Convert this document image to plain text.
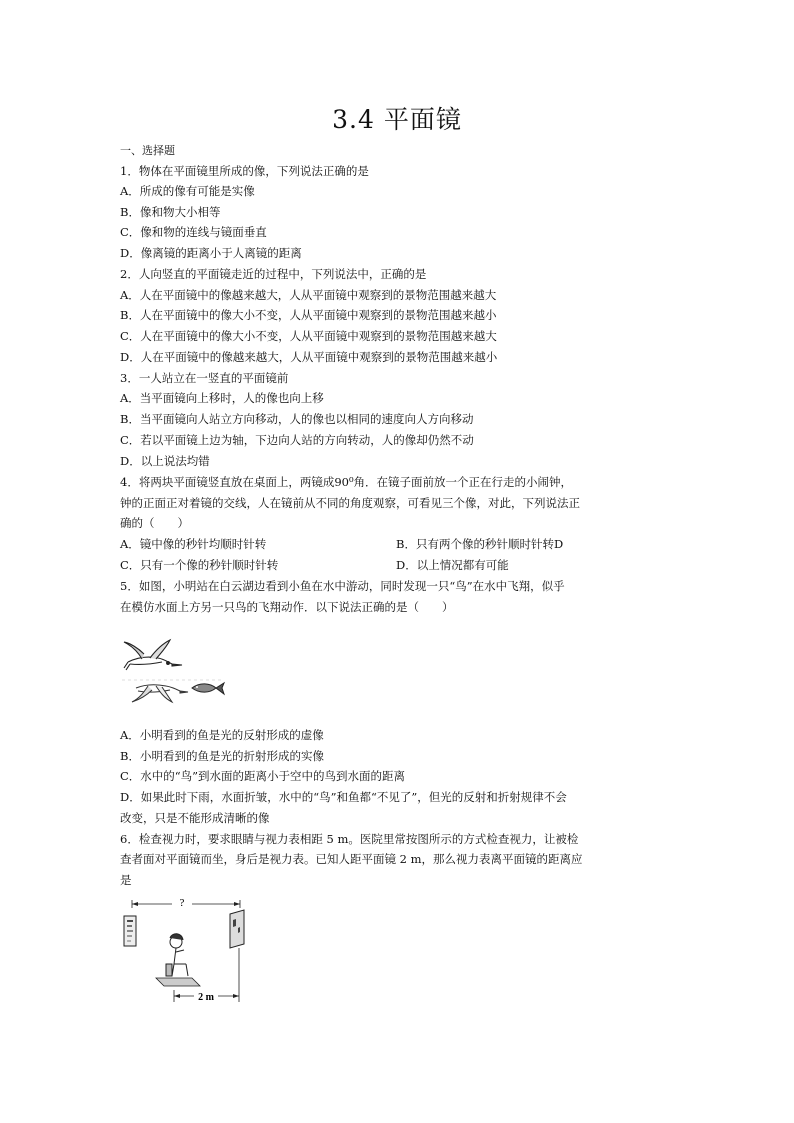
3.4 平面镜
一、选择题
1．物体在平面镜里所成的像，下列说法正确的是
A．所成的像有可能是实像
B．像和物大小相等
C．像和物的连线与镜面垂直
D．像离镜的距离小于人离镜的距离
2．人向竖直的平面镜走近的过程中，下列说法中，正确的是
A．人在平面镜中的像越来越大，人从平面镜中观察到的景物范围越来越大
B．人在平面镜中的像大小不变，人从平面镜中观察到的景物范围越来越小
C．人在平面镜中的像大小不变，人从平面镜中观察到的景物范围越来越大
D．人在平面镜中的像越来越大，人从平面镜中观察到的景物范围越来越小
3．一人站立在一竖直的平面镜前
A．当平面镜向上移时，人的像也向上移
B．当平面镜向人站立方向移动，人的像也以相同的速度向人方向移动
C．若以平面镜上边为轴，下边向人站的方向转动，人的像却仍然不动
D．以上说法均错
4．将两块平面镜竖直放在桌面上，两镜成90⁰角．在镜子面前放一个正在行走的小闹钟，
钟的正面正对着镜的交线，人在镜前从不同的角度观察，可看见三个像，对此，下列说法正
确的（　　）
A．镜中像的秒针均顺时针转	B．只有两个像的秒针顺时针转D
C．只有一个像的秒针顺时针转	D．以上情况都有可能
5．如图，小明站在白云湖边看到小鱼在水中游动，同时发现一只“鸟”在水中飞翔，似乎
在模仿水面上方另一只鸟的飞翔动作．以下说法正确的是（　　）
A．小明看到的鱼是光的反射形成的虚像
B．小明看到的鱼是光的折射形成的实像
C．水中的“鸟”到水面的距离小于空中的鸟到水面的距离
D．如果此时下雨，水面折皱，水中的“鸟”和鱼都“不见了”，但光的反射和折射规律不会
改变，只是不能形成清晰的像
6．检查视力时，要求眼睛与视力表相距 5 m。医院里常按图所示的方式检查视力，让被检
查者面对平面镜而坐，身后是视力表。已知人距平面镜 2 m，那么视力表离平面镜的距离应
是
?
2 m
